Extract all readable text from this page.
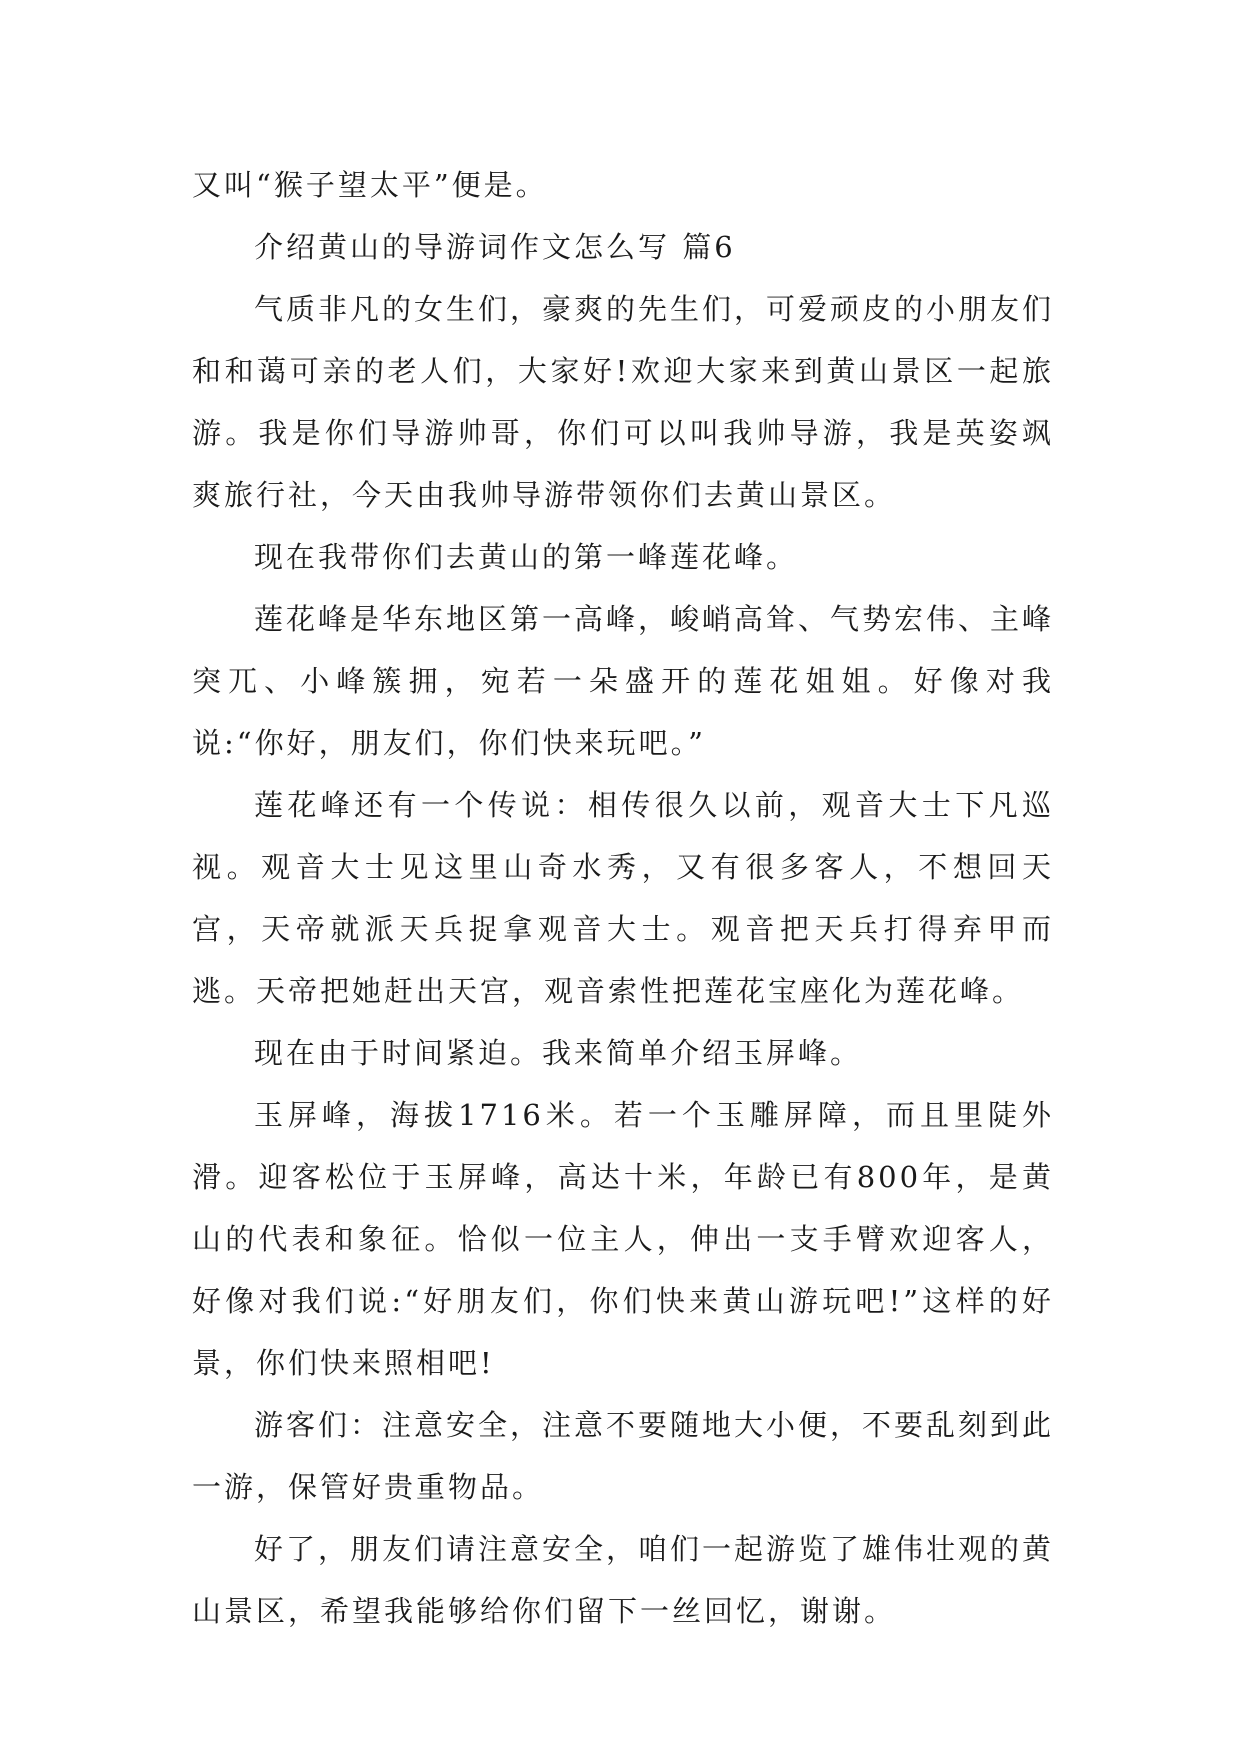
又叫“猴子望太平”便是。

介绍黄山的导游词作文怎么写 篇6

气质非凡的女生们，豪爽的先生们，可爱顽皮的小朋友们和和蔼可亲的老人们，大家好!欢迎大家来到黄山景区一起旅游。我是你们导游帅哥，你们可以叫我帅导游，我是英姿飒爽旅行社，今天由我帅导游带领你们去黄山景区。

现在我带你们去黄山的第一峰莲花峰。

莲花峰是华东地区第一高峰，峻峭高耸、气势宏伟、主峰突兀、小峰簇拥，宛若一朵盛开的莲花姐姐。好像对我说:“你好，朋友们，你们快来玩吧。”

莲花峰还有一个传说：相传很久以前，观音大士下凡巡视。观音大士见这里山奇水秀，又有很多客人，不想回天宫，天帝就派天兵捉拿观音大士。观音把天兵打得弃甲而逃。天帝把她赶出天宫，观音索性把莲花宝座化为莲花峰。

现在由于时间紧迫。我来简单介绍玉屏峰。

玉屏峰，海拔1716米。若一个玉雕屏障，而且里陡外滑。迎客松位于玉屏峰，高达十米，年龄已有800年，是黄山的代表和象征。恰似一位主人，伸出一支手臂欢迎客人，好像对我们说:“好朋友们，你们快来黄山游玩吧!”这样的好景，你们快来照相吧!

游客们：注意安全，注意不要随地大小便，不要乱刻到此一游，保管好贵重物品。

好了，朋友们请注意安全，咱们一起游览了雄伟壮观的黄山景区，希望我能够给你们留下一丝回忆，谢谢。
